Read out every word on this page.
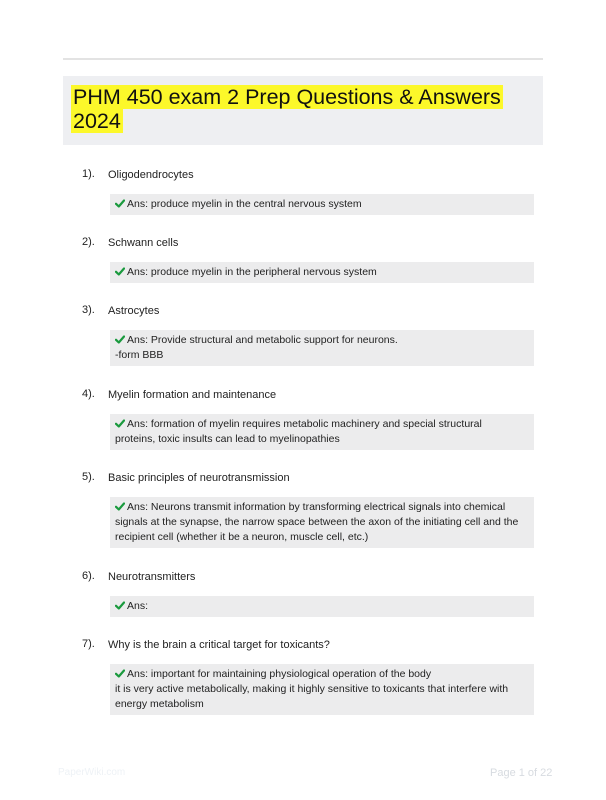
PHM 450 exam 2 Prep Questions & Answers 2024
1). Oligodendrocytes
Ans: produce myelin in the central nervous system
2). Schwann cells
Ans: produce myelin in the peripheral nervous system
3). Astrocytes
Ans: Provide structural and metabolic support for neurons.
-form BBB
4). Myelin formation and maintenance
Ans: formation of myelin requires metabolic machinery and special structural
proteins, toxic insults can lead to myelinopathies
5). Basic principles of neurotransmission
Ans: Neurons transmit information by transforming electrical signals into chemical
signals at the synapse, the narrow space between the axon of the initiating cell and the
recipient cell (whether it be a neuron, muscle cell, etc.)
6). Neurotransmitters
Ans:
7). Why is the brain a critical target for toxicants?
Ans: important for maintaining physiological operation of the body
it is very active metabolically, making it highly sensitive to toxicants that interfere with
energy metabolism
PaperWiki.com	Page 1 of 22
